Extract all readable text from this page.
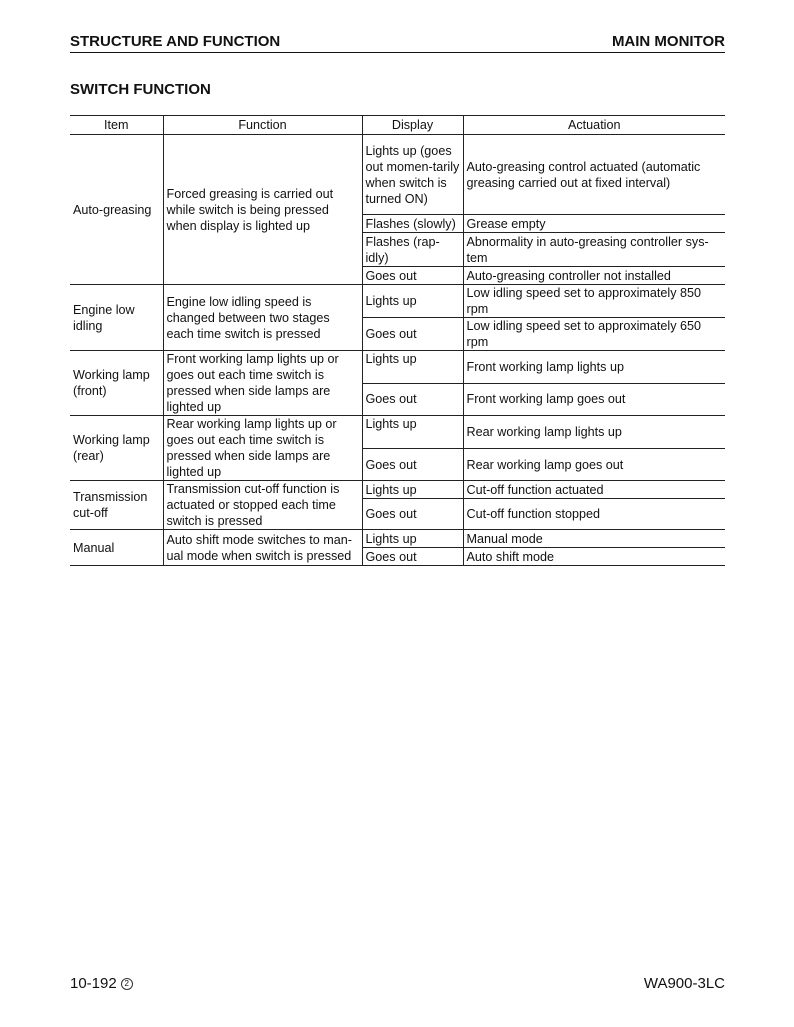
STRUCTURE AND FUNCTION	MAIN MONITOR
SWITCH FUNCTION
Item	Function	Display	Actuation
Auto-greasing	Forced greasing is carried out while switch is being pressed when display is lighted up	Lights up (goes out momen-tarily when switch is turned ON)	Auto-greasing control actuated (automatic greasing carried out at fixed interval)
		Flashes (slowly)	Grease empty
		Flashes (rap-idly)	Abnormality in auto-greasing controller sys-tem
		Goes out	Auto-greasing controller not installed
Engine low idling	Engine low idling speed is changed between two stages each time switch is pressed	Lights up	Low idling speed set to approximately 850 rpm
		Goes out	Low idling speed set to approximately 650 rpm
Working lamp (front)	Front working lamp lights up or goes out each time switch is pressed when side lamps are lighted up	Lights up	Front working lamp lights up
		Goes out	Front working lamp goes out
Working lamp (rear)	Rear working lamp lights up or goes out each time switch is pressed when side lamps are lighted up	Lights up	Rear working lamp lights up
		Goes out	Rear working lamp goes out
Transmission cut-off	Transmission cut-off function is actuated or stopped each time switch is pressed	Lights up	Cut-off function actuated
		Goes out	Cut-off function stopped
Manual	Auto shift mode switches to man-ual mode when switch is pressed	Lights up	Manual mode
		Goes out	Auto shift mode
10-192 2	WA900-3LC
